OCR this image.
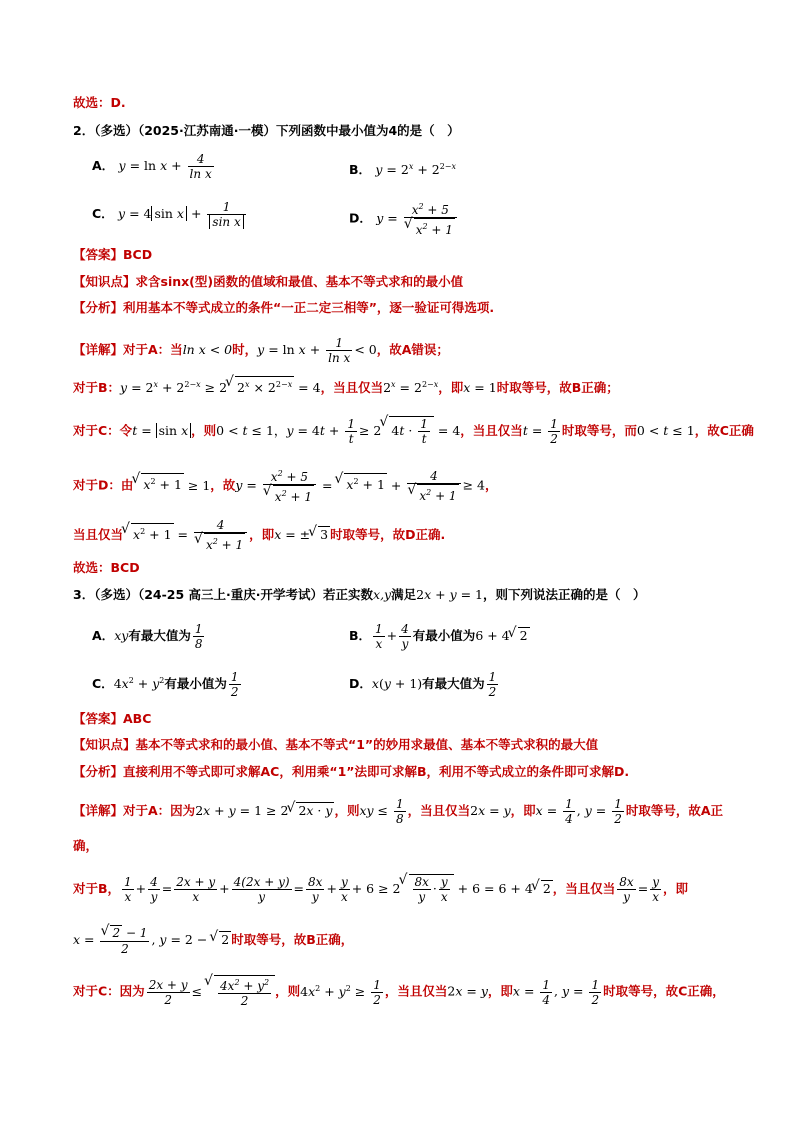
故选：D.
2．（多选）（2025·江苏南通·一模）下列函数中最小值为4的是（　）
A． $y = \ln x + \frac{4}{\text{ln x}}$	B． $y = 2^x + 2^{2-x}$
C． y = 4 $\sin x + \frac{1}{\text{sin x}}$	D． $y = x^2 + 5$
√ $x^2 + 1$
【答案】BCD
【知识点】求含sinx(型)函数的值域和最值、基本不等式求和的最小值
【分析】利用基本不等式成立的条件“一正二定三相等”，逐一验证可得选项.
【详解】对于A：当ln x < 0时，$y = \ln x + \frac{1}{\text{ln x}} < 0$，故A错误；
对于B：$y = 2^x + 2^{2-x} \ge 2√$ $2^x \times 2^{2-x} = 4$，当且仅当$2^x = 2^{2-x}$，即x = 1时取等号，故B正确；
对于C：令t = sin x ，则0 < t ≤ 1，$y = 4t + \frac{1}{t} \ge 2√$ $4t \cdot \frac{1}{t} = 4$，当且仅当$t = \frac{1}{2}$ 时取等号，而0 < t ≤ 1，故C正确
对于D：由√ $x^2 + 1 \ge 1$，故$y = x^2 + 5$
√ $x^2 + 1$ = √ $x^2 + 1 + 4$
√ $x^2 + 1 \ge 4$，
当且仅当√ $x^2 + 1 = 4$
√ $x^2 + 1$ ，即x = ±√ 3 时取等号，故D正确.
故选：BCD
3．（多选）（24-25 高三上·重庆·开学考试）若正实数x,y满足2x + y = 1，则下列说法正确的是（　）
A．xy有最大值为 $\frac{1}{8}$	B． $\frac{1}{x} + \frac{4}{y}$ 有最小值为6 + 4√ 2
C．$4x^2 + y^2$有最小值为 $\frac{1}{2}$	D．x(y + 1)有最大值为 $\frac{1}{2}$
【答案】ABC
【知识点】基本不等式求和的最小值、基本不等式“1”的妙用求最值、基本不等式求积的最大值
【分析】直接利用不等式即可求解AC，利用乘“1”法即可求解B，利用不等式成立的条件即可求解D.
【详解】对于A：因为2x + y = 1 ≥ 2√ 2x · y ，则xy ≤ $\frac{1}{8}$ ，当且仅当2x = y，即$x = \frac{1}{4}$ , $y = \frac{1}{2}$ 时取等号，故A正
确，
对于B， $\frac{1}{x} + \frac{4}{y} = \frac{2x + y}{x} + \frac{4(2x + y)}{y} = \frac{8x}{y} + \frac{y}{x} + 6 \ge 2$
√ $\frac{8x}{y} \cdot \frac{y}{x} + 6 = 6 + 4√$ 2 ，当且仅当 $\frac{8x}{y} = \frac{y}{x}$ ，即
x =
√ $\frac{2 - 1}{2}$ , y = 2 − √ 2 时取等号，故B正确，
对于C：因为 $\frac{2x + y}{2}$ ≤
√ $\frac{4x^2 + y^2}{2}$ ，则$4x^2 + y^2 \ge \frac{1}{2}$ ，当且仅当2x = y，即$x = \frac{1}{4}$ , $y = \frac{1}{2}$ 时取等号，故C正确，
